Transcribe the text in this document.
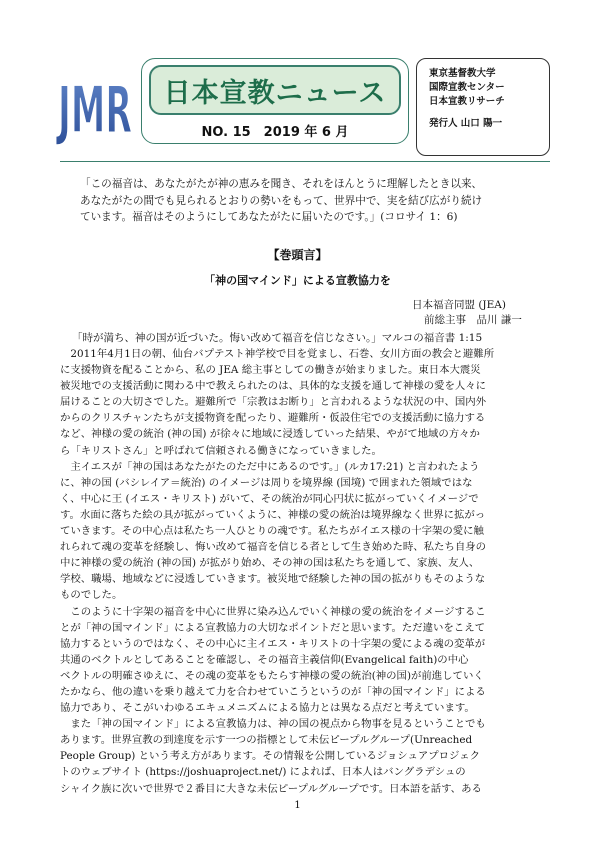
JMR 日本宣教ニュース
NO. 15　2019 年 6 月
東京基督教大学
国際宣教センター
日本宣教リサーチ
発行人 山口 陽一
「この福音は、あなたがたが神の恵みを聞き、それをほんとうに理解したとき以来、
あなたがたの間でも見られるとおりの勢いをもって、世界中で、実を結び広がり続け
ています。福音はそのようにしてあなたがたに届いたのです。」(コロサイ 1：6)
【巻頭言】
「神の国マインド」による宣教協力を
日本福音同盟 (JEA)
前総主事　品川 謙一
「時が満ち、神の国が近づいた。悔い改めて福音を信じなさい。」マルコの福音書 1:15
　2011年4月1日の朝、仙台バプテスト神学校で目を覚まし、石巻、女川方面の教会と避難所
に支援物資を配ることから、私の JEA 総主事としての働きが始まりました。東日本大震災
被災地での支援活動に関わる中で教えられたのは、具体的な支援を通して神様の愛を人々に
届けることの大切さでした。避難所で「宗教はお断り」と言われるような状況の中、国内外
からのクリスチャンたちが支援物資を配ったり、避難所・仮設住宅での支援活動に協力する
など、神様の愛の統治 (神の国) が徐々に地域に浸透していった結果、やがて地域の方々か
ら「キリストさん」と呼ばれて信頼される働きになっていきました。
　主イエスが「神の国はあなたがたのただ中にあるのです。」(ルカ17:21) と言われたよう
に、神の国 (バシレイア＝統治) のイメージは周りを境界線 (国境) で囲まれた領域ではな
く、中心に王 (イエス・キリスト) がいて、その統治が同心円状に拡がっていくイメージで
す。水面に落ちた絵の具が拡がっていくように、神様の愛の統治は境界線なく世界に拡がっ
ていきます。その中心点は私たち一人ひとりの魂です。私たちがイエス様の十字架の愛に触
れられて魂の変革を経験し、悔い改めて福音を信じる者として生き始めた時、私たち自身の
中に神様の愛の統治 (神の国) が拡がり始め、その神の国は私たちを通して、家族、友人、
学校、職場、地域などに浸透していきます。被災地で経験した神の国の拡がりもそのような
ものでした。
　このように十字架の福音を中心に世界に染み込んでいく神様の愛の統治をイメージするこ
とが「神の国マインド」による宣教協力の大切なポイントだと思います。ただ違いをこえて
協力するというのではなく、その中心に主イエス・キリストの十字架の愛による魂の変革が
共通のベクトルとしてあることを確認し、その福音主義信仰(Evangelical faith)の中心
ベクトルの明確さゆえに、その魂の変革をもたらす神様の愛の統治(神の国)が前進していく
たかなら、他の違いを乗り越えて力を合わせていこうというのが「神の国マインド」による
協力であり、そこがいわゆるエキュメニズムによる協力とは異なる点だと考えています。
　また「神の国マインド」による宣教協力は、神の国の視点から物事を見るということでも
あります。世界宣教の到達度を示す一つの指標として未伝ピープルグループ(Unreached
People Group) という考え方があります。その情報を公開しているジョシュアプロジェク
トのウェブサイト (https://joshuaproject.net/) によれば、日本人はバングラデシュの
シャイク族に次いで世界で２番目に大きな未伝ピープルグループです。日本語を話す、ある
1
